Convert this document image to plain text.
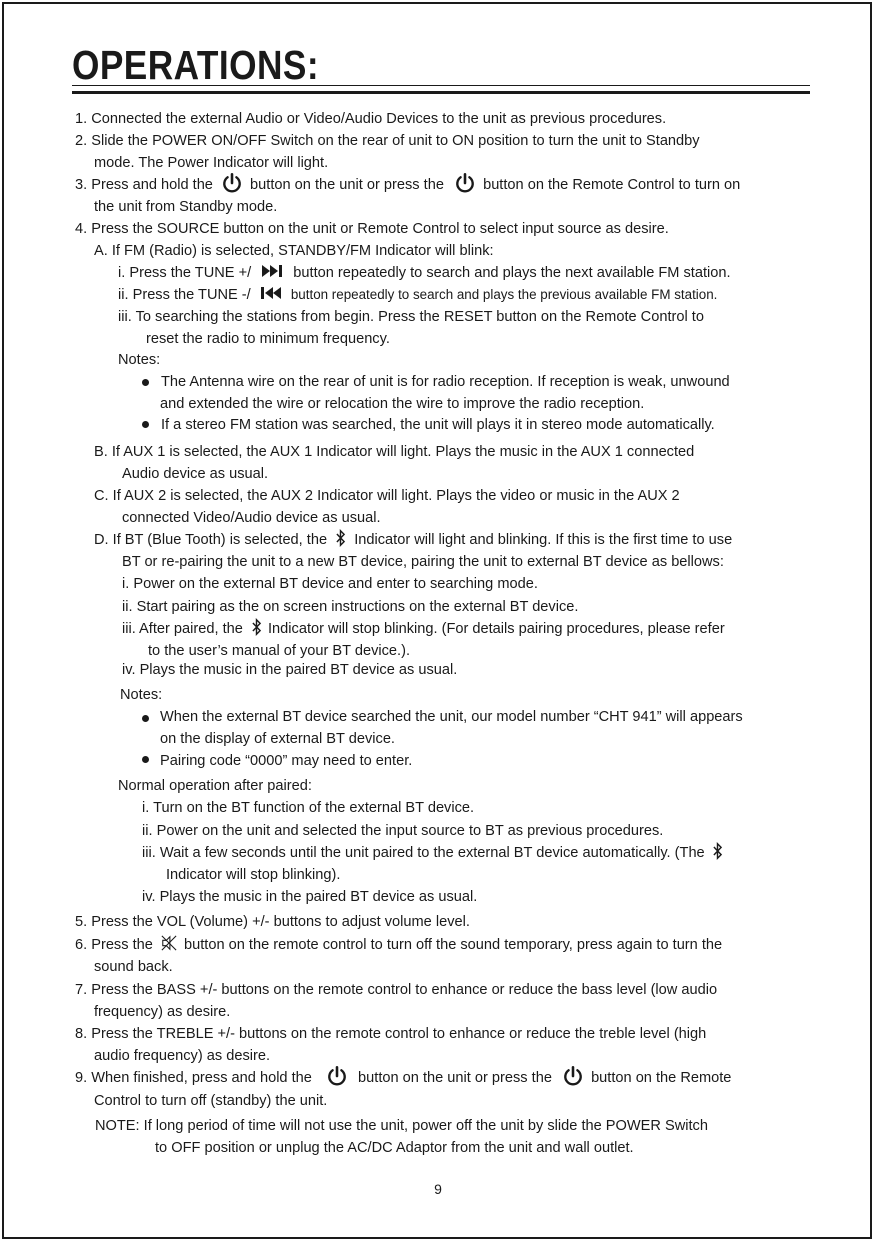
OPERATIONS:
1. Connected the external Audio or Video/Audio Devices to the unit as previous procedures.
2. Slide the POWER ON/OFF Switch on the rear of unit to ON position to turn the unit to Standby
mode. The Power Indicator will light.
3. Press and hold the	button on the unit or press the	button on the Remote Control to turn on
the unit from Standby mode.
4. Press the SOURCE button on the unit or Remote Control to select input source as desire.
A. If FM (Radio) is selected, STANDBY/FM Indicator will blink:
i. Press the TUNE +/	button repeatedly to search and plays the next available FM station.
ii. Press the TUNE -/	button repeatedly to search and plays the previous available FM station.
iii. To searching the stations from begin. Press the RESET button on the Remote Control to
reset the radio to minimum frequency.
Notes:
The Antenna wire on the rear of unit is for radio reception. If reception is weak, unwound
and extended the wire or relocation the wire to improve the radio reception.
If a stereo FM station was searched, the unit will plays it in stereo mode automatically.
B. If AUX 1 is selected, the AUX 1 Indicator will light. Plays the music in the AUX 1 connected
Audio device as usual.
C. If AUX 2 is selected, the AUX 2 Indicator will light. Plays the video or music in the AUX 2
connected Video/Audio device as usual.
D. If BT (Blue Tooth) is selected, the Indicator will light and blinking. If this is the first time to use
BT or re-pairing the unit to a new BT device, pairing the unit to external BT device as bellows:
i. Power on the external BT device and enter to searching mode.
ii. Start pairing as the on screen instructions on the external BT device.
iii. After paired, the Indicator will stop blinking. (For details pairing procedures, please refer
to the user’s manual of your BT device.).
iv. Plays the music in the paired BT device as usual.
Notes:
When the external BT device searched the unit, our model number “CHT 941” will appears
on the display of external BT device.
Pairing code “0000” may need to enter.
Normal operation after paired:
i. Turn on the BT function of the external BT device.
ii. Power on the unit and selected the input source to BT as previous procedures.
iii. Wait a few seconds until the unit paired to the external BT device automatically. (The
Indicator will stop blinking).
iv. Plays the music in the paired BT device as usual.
5. Press the VOL (Volume) +/- buttons to adjust volume level.
6. Press the button on the remote control to turn off the sound temporary, press again to turn the
sound back.
7. Press the BASS +/- buttons on the remote control to enhance or reduce the bass level (low audio
frequency) as desire.
8. Press the TREBLE +/- buttons on the remote control to enhance or reduce the treble level (high
audio frequency) as desire.
9. When finished, press and hold the	button on the unit or press the	button on the Remote
Control to turn off (standby) the unit.
NOTE: If long period of time will not use the unit, power off the unit by slide the POWER Switch
to OFF position or unplug the AC/DC Adaptor from the unit and wall outlet.
9
